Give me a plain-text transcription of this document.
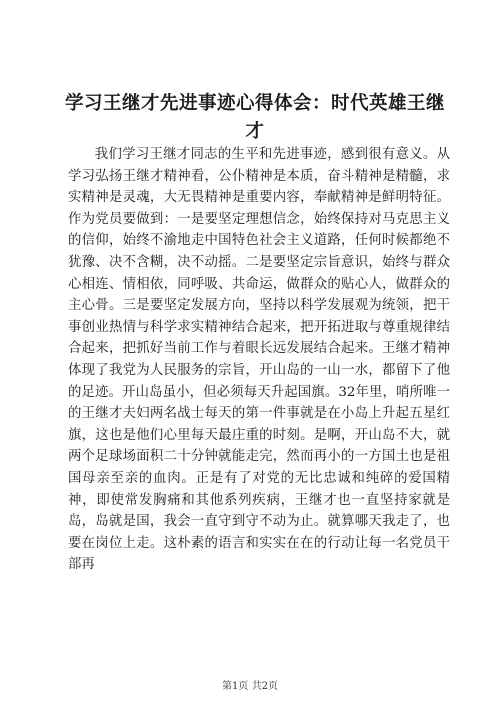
学习王继才先进事迹心得体会：时代英雄王继才
我们学习王继才同志的生平和先进事迹，感到很有意义。从学习弘扬王继才精神看，公仆精神是本质，奋斗精神是精髓，求实精神是灵魂，大无畏精神是重要内容，奉献精神是鲜明特征。作为党员要做到：一是要坚定理想信念，始终保持对马克思主义的信仰，始终不渝地走中国特色社会主义道路，任何时候都绝不犹豫、决不含糊，决不动摇。二是要坚定宗旨意识，始终与群众心相连、情相依，同呼吸、共命运，做群众的贴心人，做群众的主心骨。三是要坚定发展方向，坚持以科学发展观为统领，把干事创业热情与科学求实精神结合起来，把开拓进取与尊重规律结合起来，把抓好当前工作与着眼长远发展结合起来。王继才精神体现了我党为人民服务的宗旨，开山岛的一山一水，都留下了他的足迹。开山岛虽小，但必须每天升起国旗。32年里，哨所唯一的王继才夫妇两名战士每天的第一件事就是在小岛上升起五星红旗，这也是他们心里每天最庄重的时刻。是啊，开山岛不大，就两个足球场面积二十分钟就能走完，然而再小的一方国土也是祖国母亲至亲的血肉。正是有了对党的无比忠诚和纯碎的爱国精神，即使常发胸痛和其他系列疾病，王继才也一直坚持家就是岛，岛就是国，我会一直守到守不动为止。就算哪天我走了，也要在岗位上走。这朴素的语言和实实在在的行动让每一名党员干部再
第1页 共2页
